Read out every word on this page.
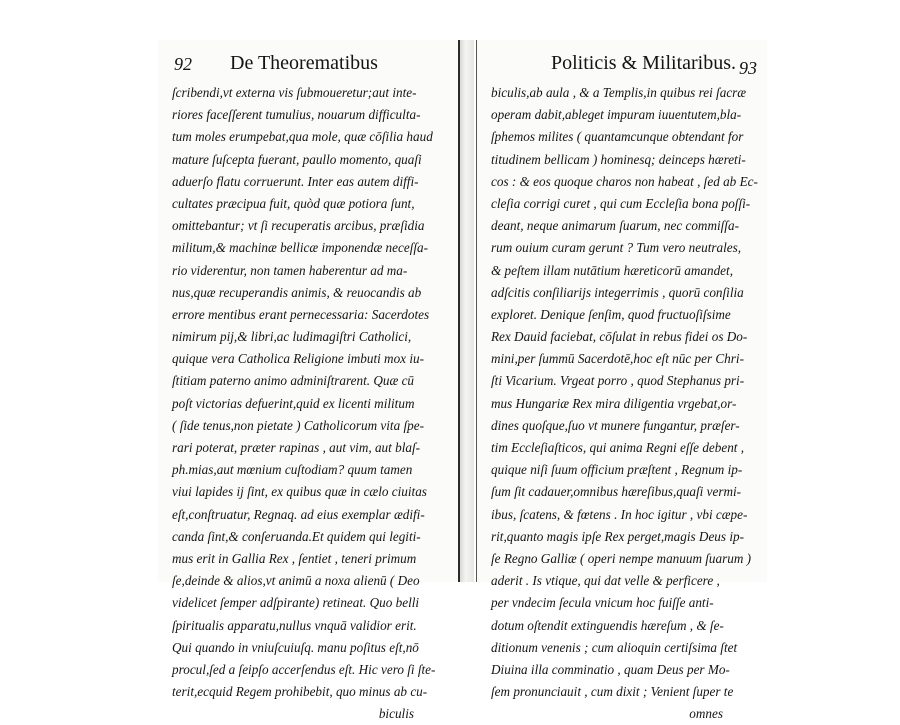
92 De Theorematibus
ſcribendi,vt externa vis ſubmoueretur;aut inte-
riores faceſſerent tumulius, nouarum difficulta-
tum moles erumpebat,qua mole, quæ cōſilia haud
mature ſuſcepta fuerant, paullo momento, quaſi
aduerſo flatu corruerunt. Inter eas autem diffi-
cultates præcipua fuit, quòd quæ potiora ſunt,
omittebantur; vt ſi recuperatis arcibus, præſidia
militum,& machinæ bellicæ imponendæ neceſſa-
rio viderentur, non tamen haberentur ad ma-
nus,quæ recuperandis animis, & reuocandis ab
errore mentibus erant pernecessaria: Sacerdotes
nimirum pij,& libri,ac ludimagiſtri Catholici,
quique vera Catholica Religione imbuti mox iu-
ſtitiam paterno animo adminiſtrarent. Quæ cū
poſt victorias defuerint,quid ex licenti militum
( ſide tenus,non pietate ) Catholicorum vita ſpe-
rari poterat, præter rapinas , aut vim, aut blaſ-
ph.mias,aut mœnium cuſtodiam? quum tamen
viui lapides ij ſint, ex quibus quæ in cælo ciuitas
eſt,conſtruatur, Regnaq. ad eius exemplar ædifi-
canda ſint,& conſeruanda.Et quidem qui legiti-
mus erit in Gallia Rex , ſentiet , teneri primum
ſe,deinde & alios,vt animū a noxa alienū ( Deo
videlicet ſemper adſpirante) retineat. Quo belli
ſpiritualis apparatu,nullus vnquā validior erit.
Qui quando in vniuſcuiuſq. manu poſitus eſt,nō
procul,ſed a ſeipſo accerſendus eſt. Hic vero ſi ſte-
terit,ecquid Regem prohibebit, quo minus ab cu-
biculis
Politicis & Militaribus. 93
biculis,ab aula , & a Templis,in quibus rei ſacræ
operam dabit,ableget impuram iuuentutem,bla-
ſphemos milites ( quantamcunque obtendant for
titudinem bellicam ) hominesq; deinceps hæreti-
cos : & eos quoque charos non habeat , ſed ab Ec-
cleſia corrigi curet , qui cum Eccleſia bona poſſi-
deant, neque animarum ſuarum, nec commiſſa-
rum ouium curam gerunt ? Tum vero neutrales,
& peſtem illam nutātium hæreticorū amandet,
adſcitis conſiliarijs integerrimis , quorū conſilia
exploret. Denique ſenſim, quod fructuoſiſsime
Rex Dauid faciebat, cōſulat in rebus fidei os Do-
mini,per ſummū Sacerdotē,hoc eſt nūc per Chri-
ſti Vicarium. Vrgeat porro , quod Stephanus pri-
mus Hungariæ Rex mira diligentia vrgebat,or-
dines quoſque,ſuo vt munere fungantur, præſer-
tim Eccleſiaſticos, qui anima Regni eſſe debent ,
quique niſi ſuum officium præſtent , Regnum ip-
ſum ſit cadauer,omnibus hæreſibus,quaſi vermi-
ibus, ſcatens, & fœtens . In hoc igitur , vbi cæpe-
rit,quanto magis ipſe Rex perget,magis Deus ip-
ſe Regno Galliæ ( operi nempe manuum ſuarum )
aderit . Is vtique, qui dat velle & perficere ,
per vndecim ſecula vnicum hoc fuiſſe anti-
dotum oſtendit extinguendis hæreſum , & ſe-
ditionum venenis ; cum alioquin certiſsima ſtet
Diuina illa comminatio , quam Deus per Mo-
ſem pronunciauit , cum dixit ; Venient ſuper te
omnes
